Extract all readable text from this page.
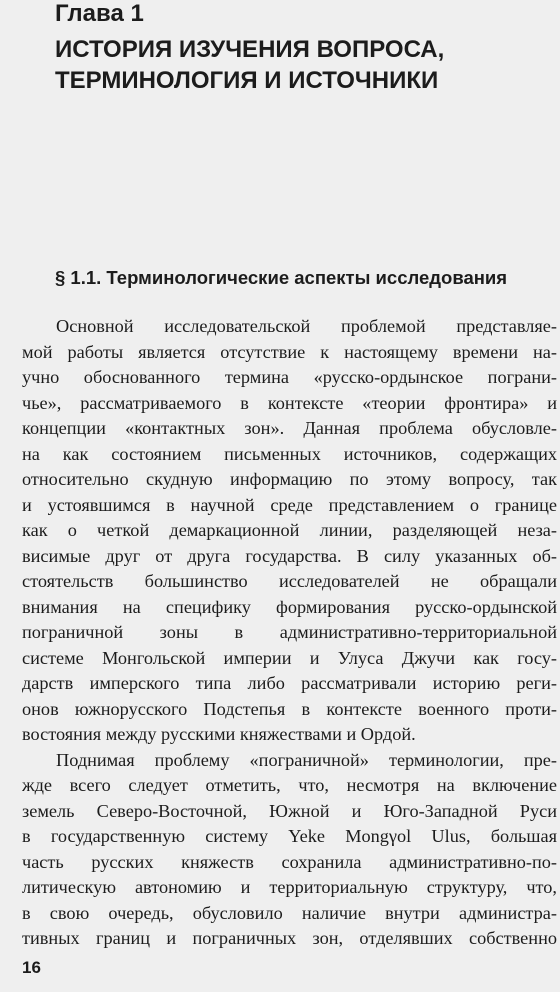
Глава 1
ИСТОРИЯ ИЗУЧЕНИЯ ВОПРОСА,
ТЕРМИНОЛОГИЯ И ИСТОЧНИКИ
§ 1.1. Терминологические аспекты исследования
Основной исследовательской проблемой представляе-
мой работы является отсутствие к настоящему времени на-
учно обоснованного термина «русско-ордынское пограни-
чье», рассматриваемого в контексте «теории фронтира» и
концепции «контактных зон». Данная проблема обусловле-
на как состоянием письменных источников, содержащих
относительно скудную информацию по этому вопросу, так
и устоявшимся в научной среде представлением о границе
как о четкой демаркационной линии, разделяющей неза-
висимые друг от друга государства. В силу указанных об-
стоятельств большинство исследователей не обращали
внимания на специфику формирования русско-ордынской
пограничной зоны в административно-территориальной
системе Монгольской империи и Улуса Джучи как госу-
дарств имперского типа либо рассматривали историю реги-
онов южнорусского Подстепья в контексте военного проти-
востояния между русскими княжествами и Ордой.
Поднимая проблему «пограничной» терминологии, пре-
жде всего следует отметить, что, несмотря на включение
земель Северо-Восточной, Южной и Юго-Западной Руси
в государственную систему Yeke Mongγol Ulus, большая
часть русских княжеств сохранила административно-по-
литическую автономию и территориальную структуру, что,
в свою очередь, обусловило наличие внутри администра-
тивных границ и пограничных зон, отделявших собственно
16
